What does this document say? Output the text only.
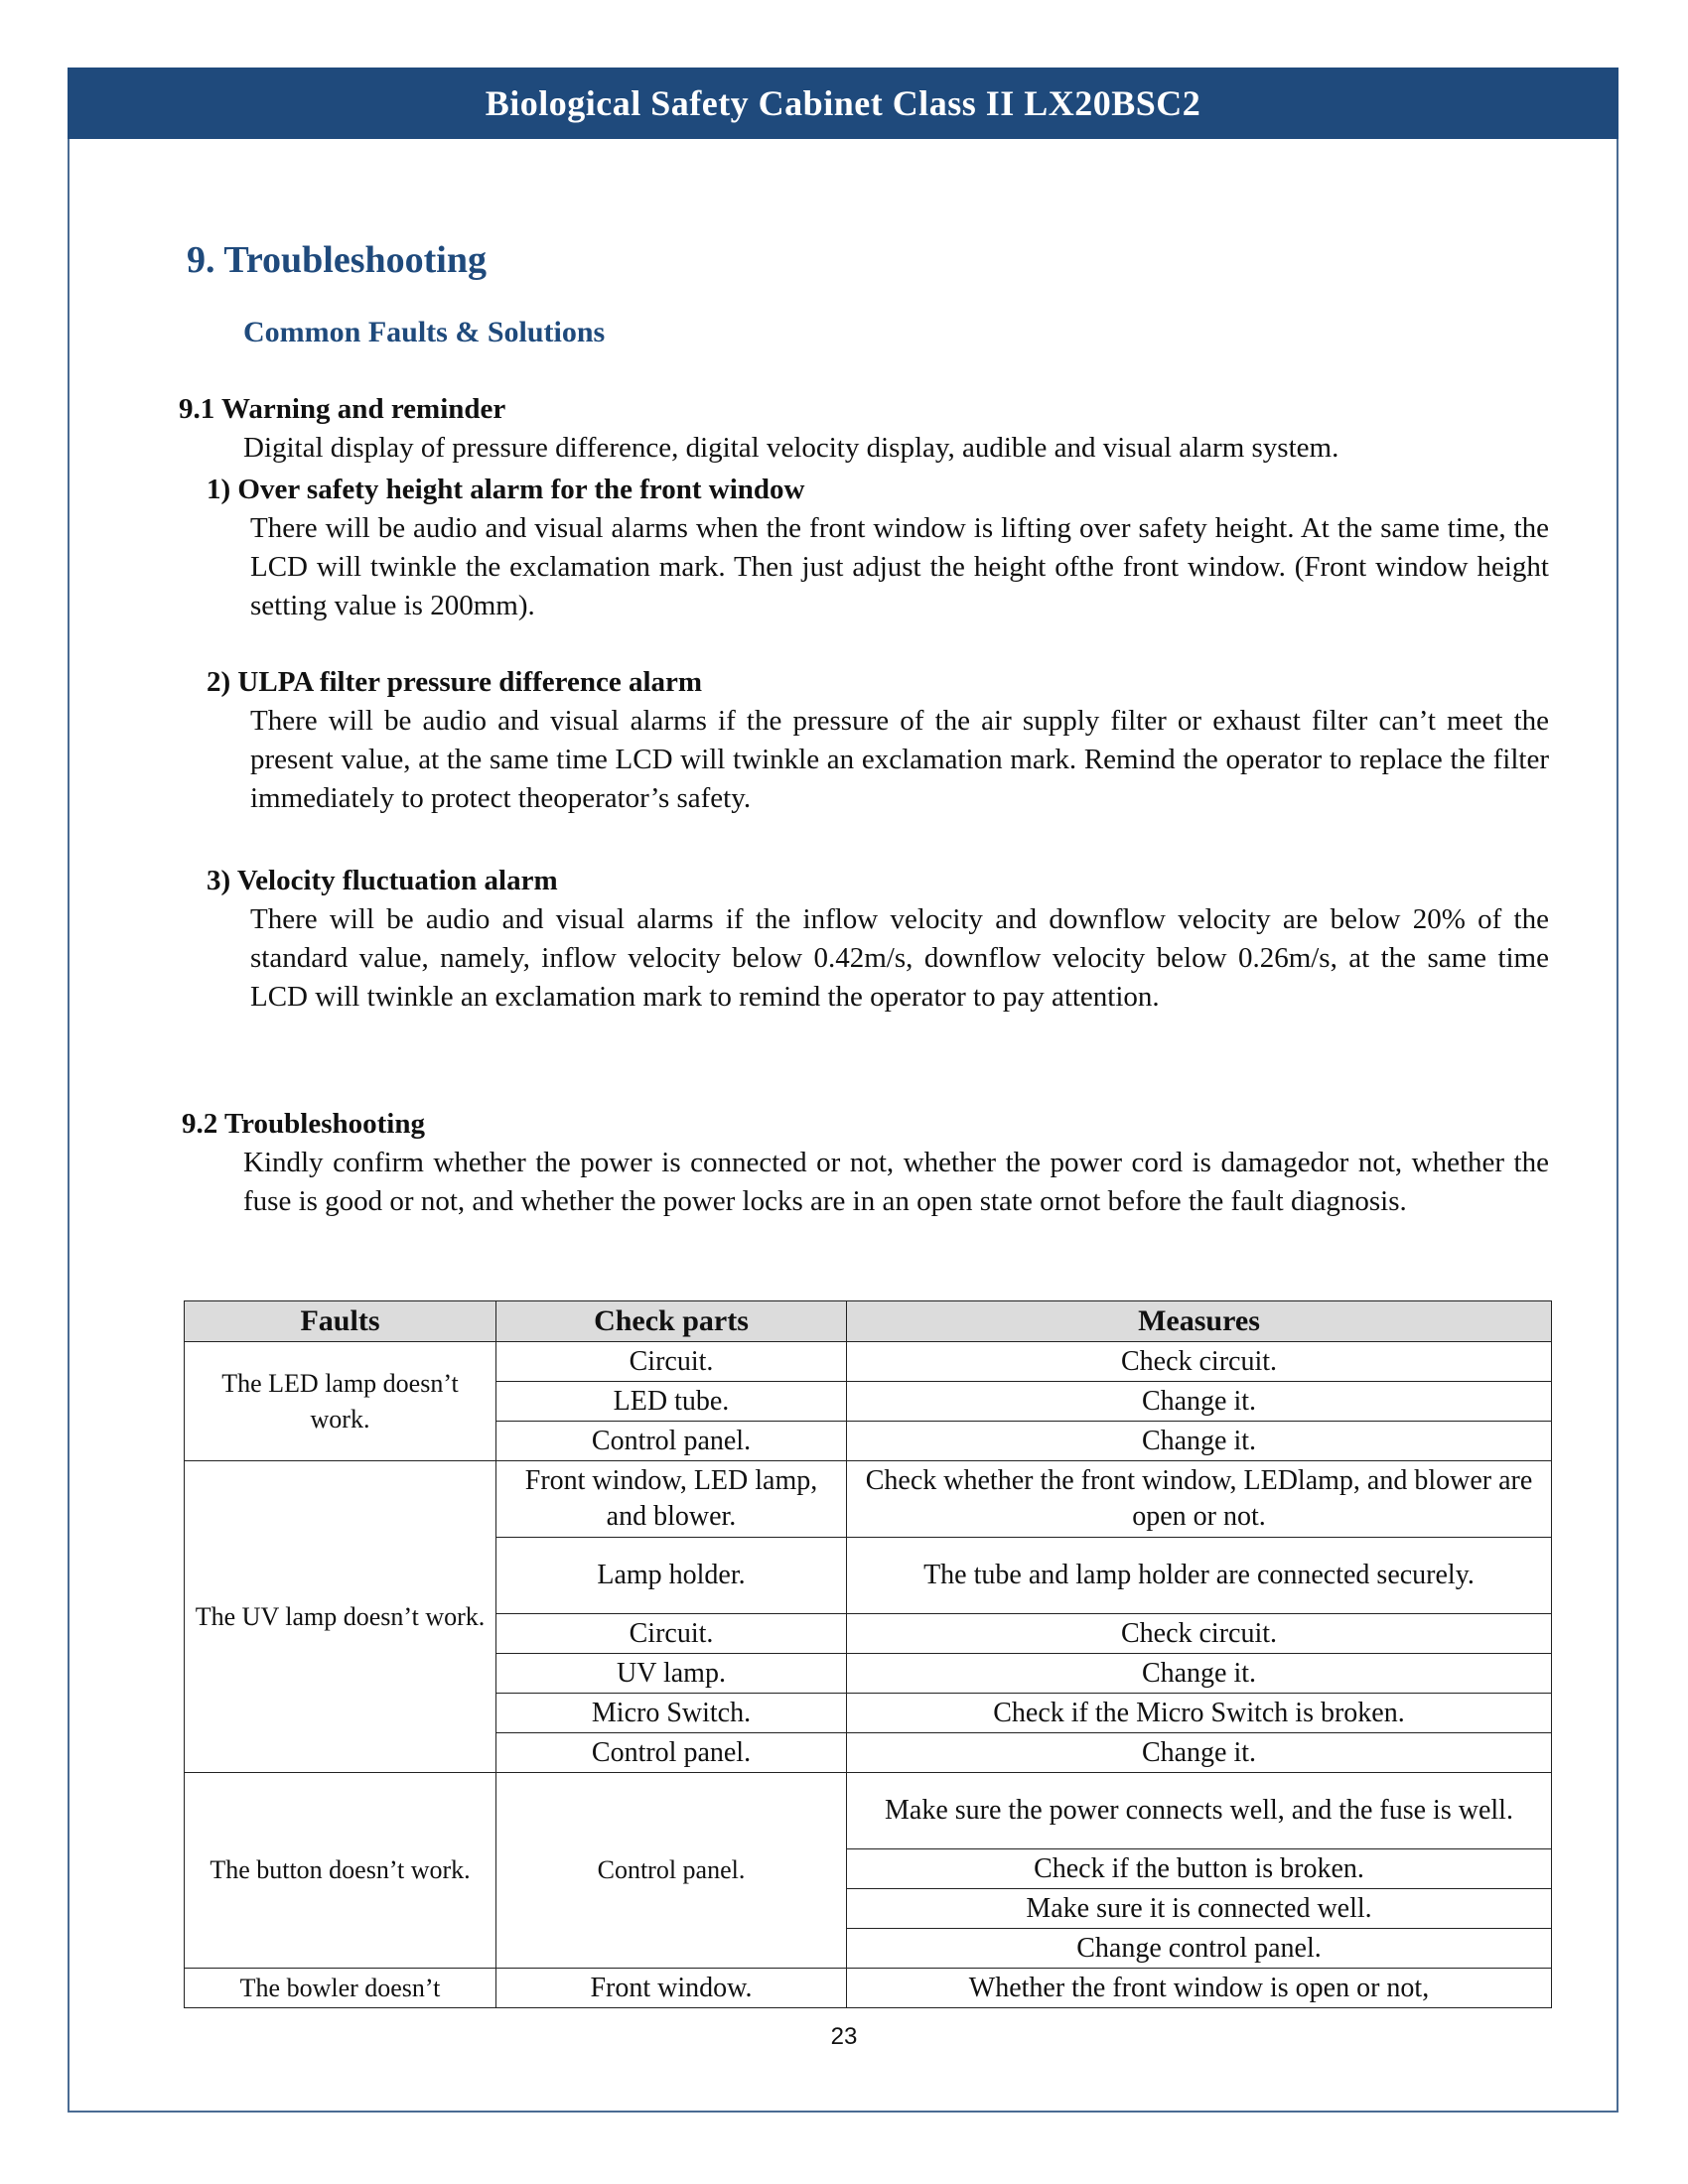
Biological Safety Cabinet Class II LX20BSC2
9. Troubleshooting
Common Faults & Solutions
9.1 Warning and reminder
Digital display of pressure difference, digital velocity display, audible and visual alarm system.
1) Over safety height alarm for the front window
There will be audio and visual alarms when the front window is lifting over safety height. At the same time, the LCD will twinkle the exclamation mark. Then just adjust the height ofthe front window. (Front window height setting value is 200mm).
2) ULPA filter pressure difference alarm
There will be audio and visual alarms if the pressure of the air supply filter or exhaust filter can’t meet the present value, at the same time LCD will twinkle an exclamation mark. Remind the operator to replace the filter immediately to protect theoperator’s safety.
3) Velocity fluctuation alarm
There will be audio and visual alarms if the inflow velocity and downflow velocity are below 20% of the standard value, namely, inflow velocity below 0.42m/s, downflow velocity below 0.26m/s, at the same time LCD will twinkle an exclamation mark to remind the operator to pay attention.
9.2 Troubleshooting
Kindly confirm whether the power is connected or not, whether the power cord is damagedor not, whether the fuse is good or not, and whether the power locks are in an open state ornot before the fault diagnosis.
Faults	Check parts	Measures
The LED lamp doesn’t work.	Circuit.	Check circuit.
	LED tube.	Change it.
	Control panel.	Change it.
The UV lamp doesn’t work.	Front window, LED lamp, and blower.	Check whether the front window, LEDlamp, and blower are open or not.
	Lamp holder.	The tube and lamp holder are connected securely.
	Circuit.	Check circuit.
	UV lamp.	Change it.
	Micro Switch.	Check if the Micro Switch is broken.
	Control panel.	Change it.
The button doesn’t work.	Control panel.	Make sure the power connects well, and the fuse is well.
		Check if the button is broken.
		Make sure it is connected well.
		Change control panel.
The bowler doesn’t	Front window.	Whether the front window is open or not,
23
